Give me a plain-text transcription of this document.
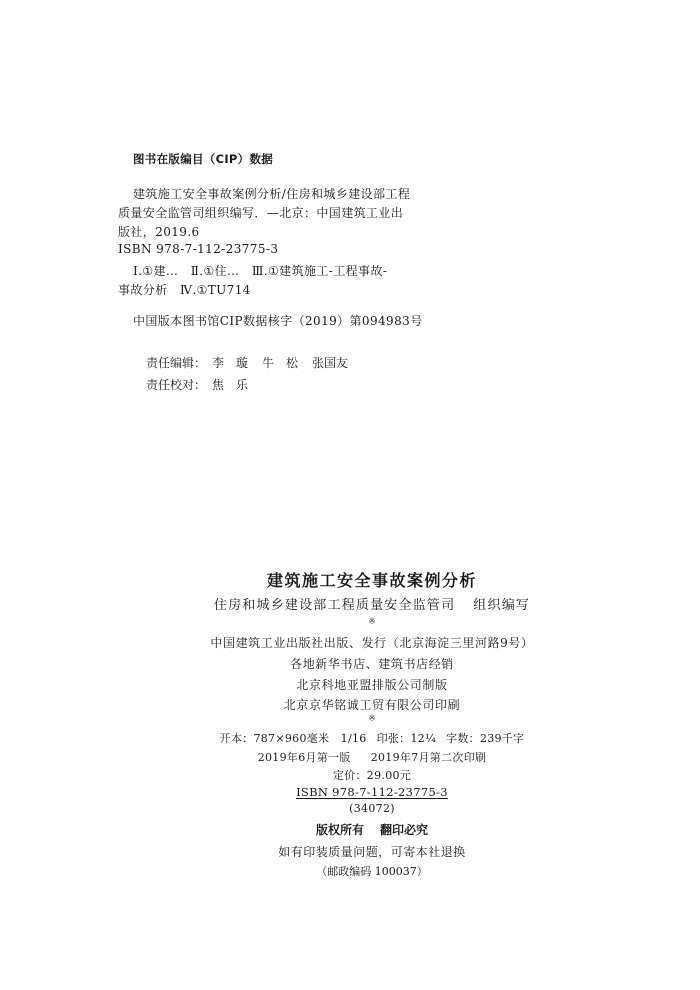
图书在版编目（CIP）数据
建筑施工安全事故案例分析/住房和城乡建设部工程
质量安全监管司组织编写．—北京：中国建筑工业出
版社，2019.6
ISBN 978-7-112-23775-3
Ⅰ.①建…　Ⅱ.①住…　Ⅲ.①建筑施工-工程事故-
事故分析　Ⅳ.①TU714
中国版本图书馆CIP数据核字（2019）第094983号
责任编辑： 李　璇 牛　松 张国友
责任校对： 焦　乐
建筑施工安全事故案例分析
住房和城乡建设部工程质量安全监管司 组织编写
※
中国建筑工业出版社出版、发行（北京海淀三里河路9号）
各地新华书店、建筑书店经销
北京科地亚盟排版公司制版
北京京华铭诚工贸有限公司印刷
※
开本：787×960毫米　1/16 印张：12¼ 字数：239千字
2019年6月第一版 2019年7月第二次印刷
定价：29.00元
ISBN 978-7-112-23775-3
(34072)
版权所有 翻印必究
如有印装质量问题，可寄本社退换
（邮政编码 100037）
